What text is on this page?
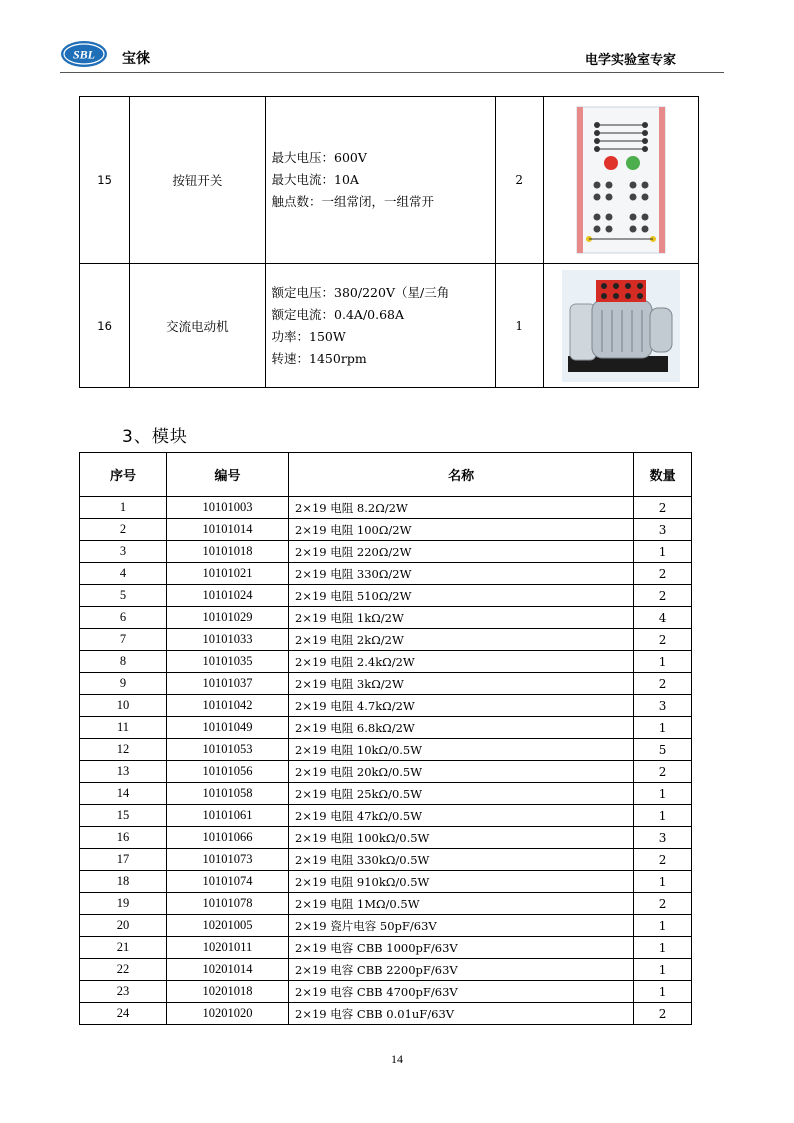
SBL 宝徕	电学实验室专家
15	按钮开关	最大电压：600V
最大电流：10A
触点数：一组常闭，一组常开	2	

16	交流电动机	额定电压：380/220V（星/三角
额定电流：0.4A/0.68A
功率：150W
转速：1450rpm	1	
3、模块
序号	编号	名称	数量
1	10101003	2×19 电阻 8.2Ω/2W	2
2	10101014	2×19 电阻 100Ω/2W	3
3	10101018	2×19 电阻 220Ω/2W	1
4	10101021	2×19 电阻 330Ω/2W	2
5	10101024	2×19 电阻 510Ω/2W	2
6	10101029	2×19 电阻 1kΩ/2W	4
7	10101033	2×19 电阻 2kΩ/2W	2
8	10101035	2×19 电阻 2.4kΩ/2W	1
9	10101037	2×19 电阻 3kΩ/2W	2
10	10101042	2×19 电阻 4.7kΩ/2W	3
11	10101049	2×19 电阻 6.8kΩ/2W	1
12	10101053	2×19 电阻 10kΩ/0.5W	5
13	10101056	2×19 电阻 20kΩ/0.5W	2
14	10101058	2×19 电阻 25kΩ/0.5W	1
15	10101061	2×19 电阻 47kΩ/0.5W	1
16	10101066	2×19 电阻 100kΩ/0.5W	3
17	10101073	2×19 电阻 330kΩ/0.5W	2
18	10101074	2×19 电阻 910kΩ/0.5W	1
19	10101078	2×19 电阻 1MΩ/0.5W	2
20	10201005	2×19 瓷片电容 50pF/63V	1
21	10201011	2×19 电容 CBB 1000pF/63V	1
22	10201014	2×19 电容 CBB 2200pF/63V	1
23	10201018	2×19 电容 CBB 4700pF/63V	1
24	10201020	2×19 电容 CBB 0.01uF/63V	2
14
